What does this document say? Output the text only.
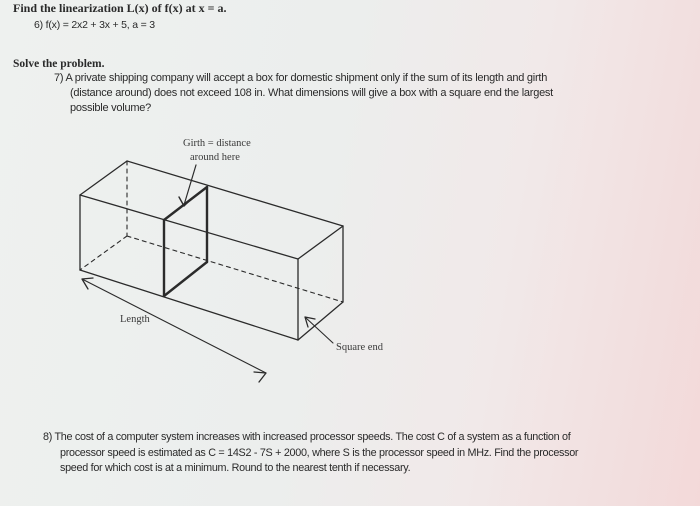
Find the linearization L(x) of f(x) at x = a.
6) f(x) = 2x2 + 3x + 5, a = 3
Solve the problem.
7) A private shipping company will accept a box for domestic shipment only if the sum of its length and girth
(distance around) does not exceed 108 in. What dimensions will give a box with a square end the largest
possible volume?
Girth = distance
around here
Length
Square end
8) The cost of a computer system increases with increased processor speeds. The cost C of a system as a function of
processor speed is estimated as C = 14S2 - 7S + 2000, where S is the processor speed in MHz. Find the processor
speed for which cost is at a minimum. Round to the nearest tenth if necessary.
